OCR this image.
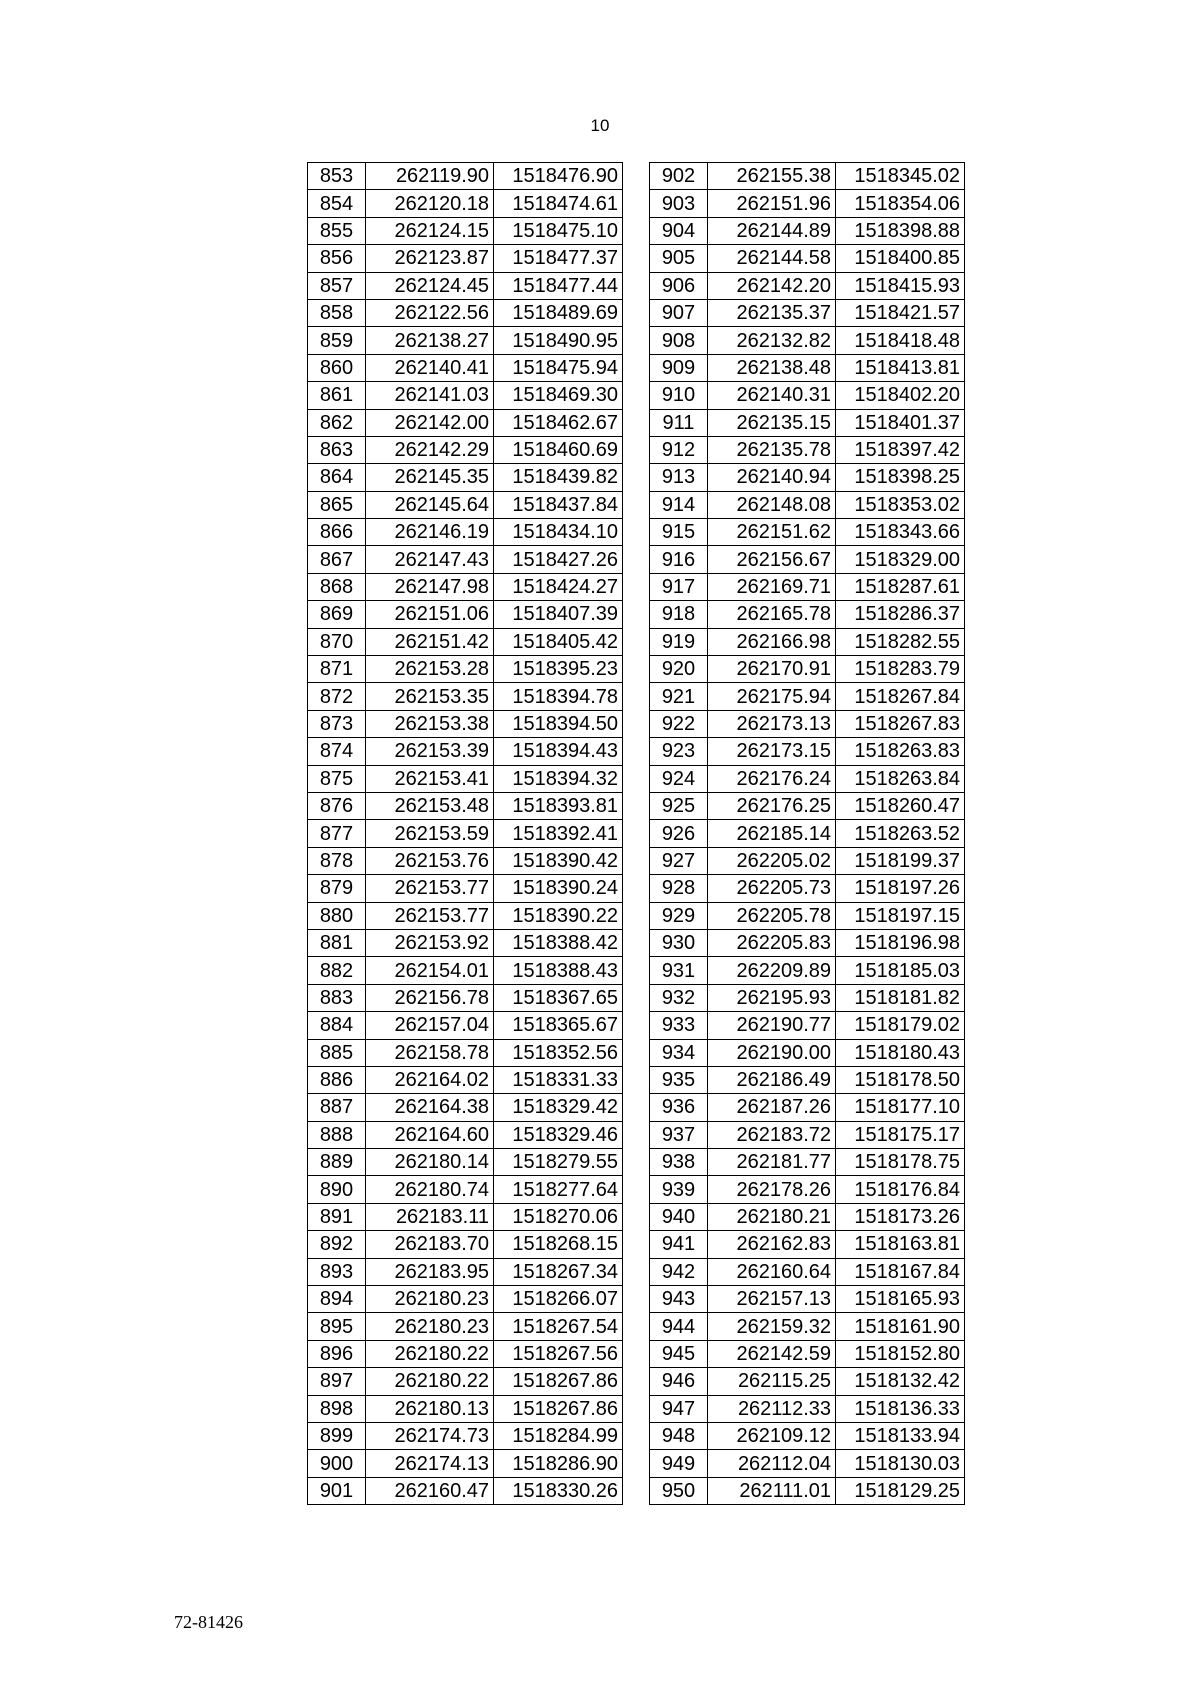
10
853	262119.90	1518476.90
854	262120.18	1518474.61
855	262124.15	1518475.10
856	262123.87	1518477.37
857	262124.45	1518477.44
858	262122.56	1518489.69
859	262138.27	1518490.95
860	262140.41	1518475.94
861	262141.03	1518469.30
862	262142.00	1518462.67
863	262142.29	1518460.69
864	262145.35	1518439.82
865	262145.64	1518437.84
866	262146.19	1518434.10
867	262147.43	1518427.26
868	262147.98	1518424.27
869	262151.06	1518407.39
870	262151.42	1518405.42
871	262153.28	1518395.23
872	262153.35	1518394.78
873	262153.38	1518394.50
874	262153.39	1518394.43
875	262153.41	1518394.32
876	262153.48	1518393.81
877	262153.59	1518392.41
878	262153.76	1518390.42
879	262153.77	1518390.24
880	262153.77	1518390.22
881	262153.92	1518388.42
882	262154.01	1518388.43
883	262156.78	1518367.65
884	262157.04	1518365.67
885	262158.78	1518352.56
886	262164.02	1518331.33
887	262164.38	1518329.42
888	262164.60	1518329.46
889	262180.14	1518279.55
890	262180.74	1518277.64
891	262183.11	1518270.06
892	262183.70	1518268.15
893	262183.95	1518267.34
894	262180.23	1518266.07
895	262180.23	1518267.54
896	262180.22	1518267.56
897	262180.22	1518267.86
898	262180.13	1518267.86
899	262174.73	1518284.99
900	262174.13	1518286.90
901	262160.47	1518330.26
902	262155.38	1518345.02
903	262151.96	1518354.06
904	262144.89	1518398.88
905	262144.58	1518400.85
906	262142.20	1518415.93
907	262135.37	1518421.57
908	262132.82	1518418.48
909	262138.48	1518413.81
910	262140.31	1518402.20
911	262135.15	1518401.37
912	262135.78	1518397.42
913	262140.94	1518398.25
914	262148.08	1518353.02
915	262151.62	1518343.66
916	262156.67	1518329.00
917	262169.71	1518287.61
918	262165.78	1518286.37
919	262166.98	1518282.55
920	262170.91	1518283.79
921	262175.94	1518267.84
922	262173.13	1518267.83
923	262173.15	1518263.83
924	262176.24	1518263.84
925	262176.25	1518260.47
926	262185.14	1518263.52
927	262205.02	1518199.37
928	262205.73	1518197.26
929	262205.78	1518197.15
930	262205.83	1518196.98
931	262209.89	1518185.03
932	262195.93	1518181.82
933	262190.77	1518179.02
934	262190.00	1518180.43
935	262186.49	1518178.50
936	262187.26	1518177.10
937	262183.72	1518175.17
938	262181.77	1518178.75
939	262178.26	1518176.84
940	262180.21	1518173.26
941	262162.83	1518163.81
942	262160.64	1518167.84
943	262157.13	1518165.93
944	262159.32	1518161.90
945	262142.59	1518152.80
946	262115.25	1518132.42
947	262112.33	1518136.33
948	262109.12	1518133.94
949	262112.04	1518130.03
950	262111.01	1518129.25
72-81426
